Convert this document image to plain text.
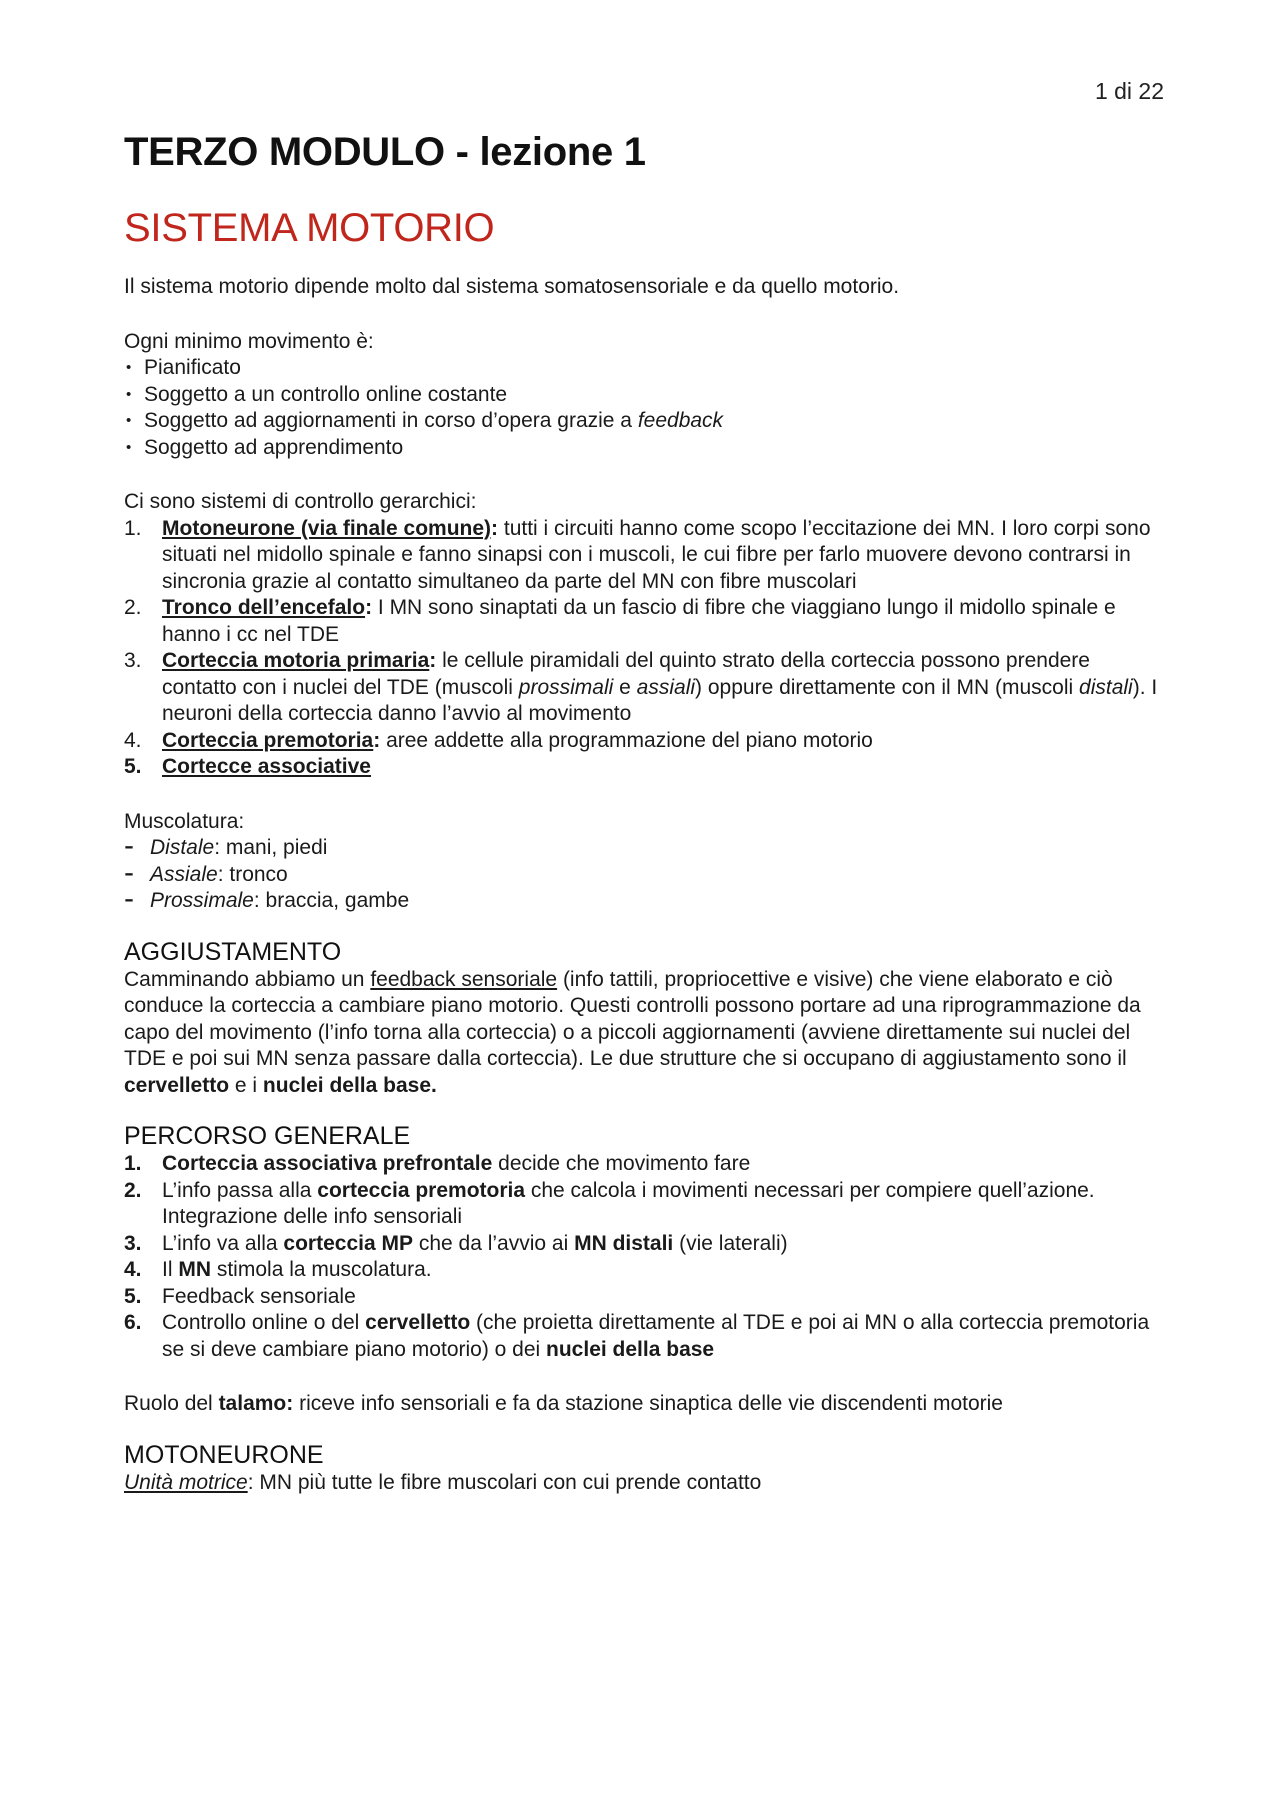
1 di 22
TERZO MODULO - lezione 1
SISTEMA MOTORIO

Il sistema motorio dipende molto dal sistema somatosensoriale e da quello motorio.

Ogni minimo movimento è:

• Pianificato
• Soggetto a un controllo online costante
• Soggetto ad aggiornamenti in corso d’opera grazie a feedback
• Soggetto ad apprendimento

Ci sono sistemi di controllo gerarchici:

1. Motoneurone (via finale comune): tutti i circuiti hanno come scopo l’eccitazione dei MN. I loro corpi sono situati nel midollo spinale e fanno sinapsi con i muscoli, le cui fibre per farlo muovere devono contrarsi in sincronia grazie al contatto simultaneo da parte del MN con fibre muscolari
2. Tronco dell’encefalo: I MN sono sinaptati da un fascio di fibre che viaggiano lungo il midollo spinale e hanno i cc nel TDE
3. Corteccia motoria primaria: le cellule piramidali del quinto strato della corteccia possono prendere contatto con i nuclei del TDE (muscoli prossimali e assiali) oppure direttamente con il MN (muscoli distali). I neuroni della corteccia danno l’avvio al movimento
4. Corteccia premotoria: aree addette alla programmazione del piano motorio
5. Cortecce associative

Muscolatura:

- Distale: mani, piedi
- Assiale: tronco
- Prossimale: braccia, gambe
AGGIUSTAMENTO

Camminando abbiamo un feedback sensoriale (info tattili, propriocettive e visive) che viene elaborato e ciò conduce la corteccia a cambiare piano motorio. Questi controlli possono portare ad una riprogrammazione da capo del movimento (l’info torna alla corteccia) o a piccoli aggiornamenti (avviene direttamente sui nuclei del TDE e poi sui MN senza passare dalla corteccia). Le due strutture che si occupano di aggiustamento sono il cervelletto e i nuclei della base.

PERCORSO GENERALE
1. Corteccia associativa prefrontale decide che movimento fare
2. L’info passa alla corteccia premotoria che calcola i movimenti necessari per compiere quell’azione. Integrazione delle info sensoriali
3. L’info va alla corteccia MP che da l’avvio ai MN distali (vie laterali)
4. Il MN stimola la muscolatura.
5. Feedback sensoriale
6. Controllo online o del cervelletto (che proietta direttamente al TDE e poi ai MN o alla corteccia premotoria se si deve cambiare piano motorio) o dei nuclei della base

Ruolo del talamo: riceve info sensoriali e fa da stazione sinaptica delle vie discendenti motorie

MOTONEURONE

Unità motrice: MN più tutte le fibre muscolari con cui prende contatto
